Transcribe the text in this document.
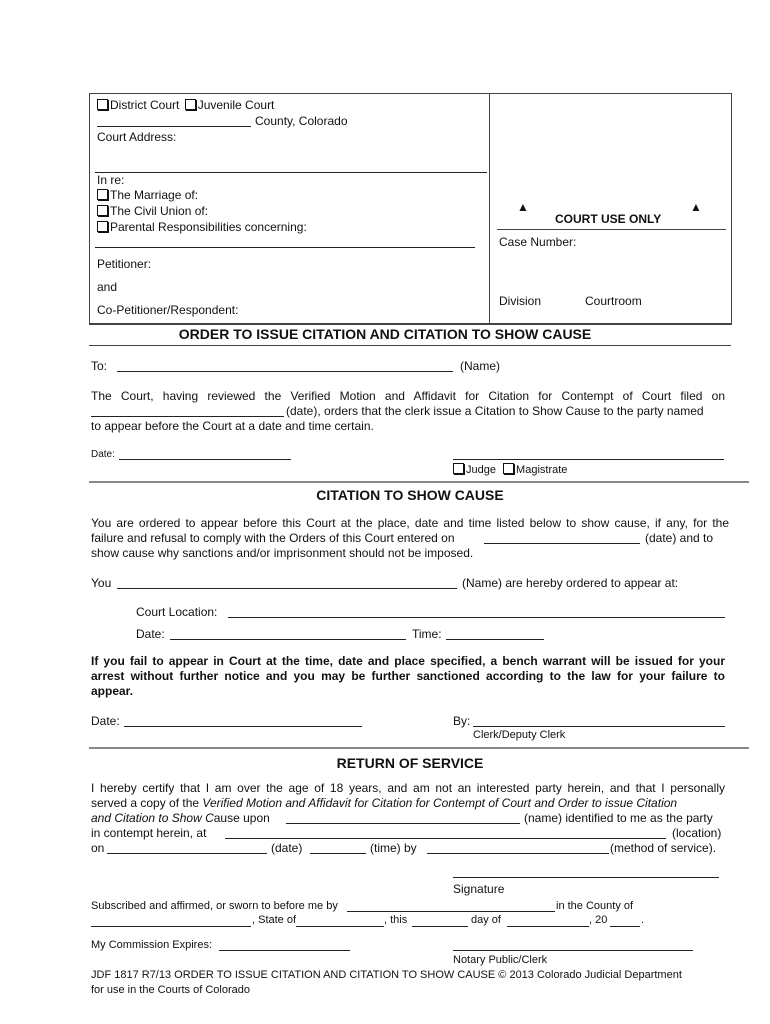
District Court Juvenile Court
County, Colorado
Court Address:
In re:
The Marriage of:
The Civil Union of:
Parental Responsibilities concerning:
Petitioner:
and
Co-Petitioner/Respondent:
▲
COURT USE ONLY
▲
Case Number:
Division	Courtroom
ORDER TO ISSUE CITATION AND CITATION TO SHOW CAUSE
To:	(Name)
The Court, having reviewed the Verified Motion and Affidavit for Citation for Contempt of Court filed on
(date), orders that the clerk issue a Citation to Show Cause to the party named
to appear before the Court at a date and time certain.
Date:
Judge Magistrate
CITATION TO SHOW CAUSE
You are ordered to appear before this Court at the place, date and time listed below to show cause, if any, for the
failure and refusal to comply with the Orders of this Court entered on	(date) and to
show cause why sanctions and/or imprisonment should not be imposed.
You	(Name) are hereby ordered to appear at:
Court Location:
Date:	Time:
If you fail to appear in Court at the time, date and place specified, a bench warrant will be issued for your
arrest without further notice and you may be further sanctioned according to the law for your failure to
appear.
Date:	By:
Clerk/Deputy Clerk
RETURN OF SERVICE
I hereby certify that I am over the age of 18 years, and am not an interested party herein, and that I personally
served a copy of the Verified Motion and Affidavit for Citation for Contempt of Court and Order to issue Citation
and Citation to Show Cause upon	(name) identified to me as the party
in contempt herein, at	(location)
on	(date)	(time) by	(method of service).
Signature
Subscribed and affirmed, or sworn to before me by	in the County of
, State of	, this	day of	, 20	.
My Commission Expires:
Notary Public/Clerk
JDF 1817 R7/13 ORDER TO ISSUE CITATION AND CITATION TO SHOW CAUSE © 2013 Colorado Judicial Department
for use in the Courts of Colorado
